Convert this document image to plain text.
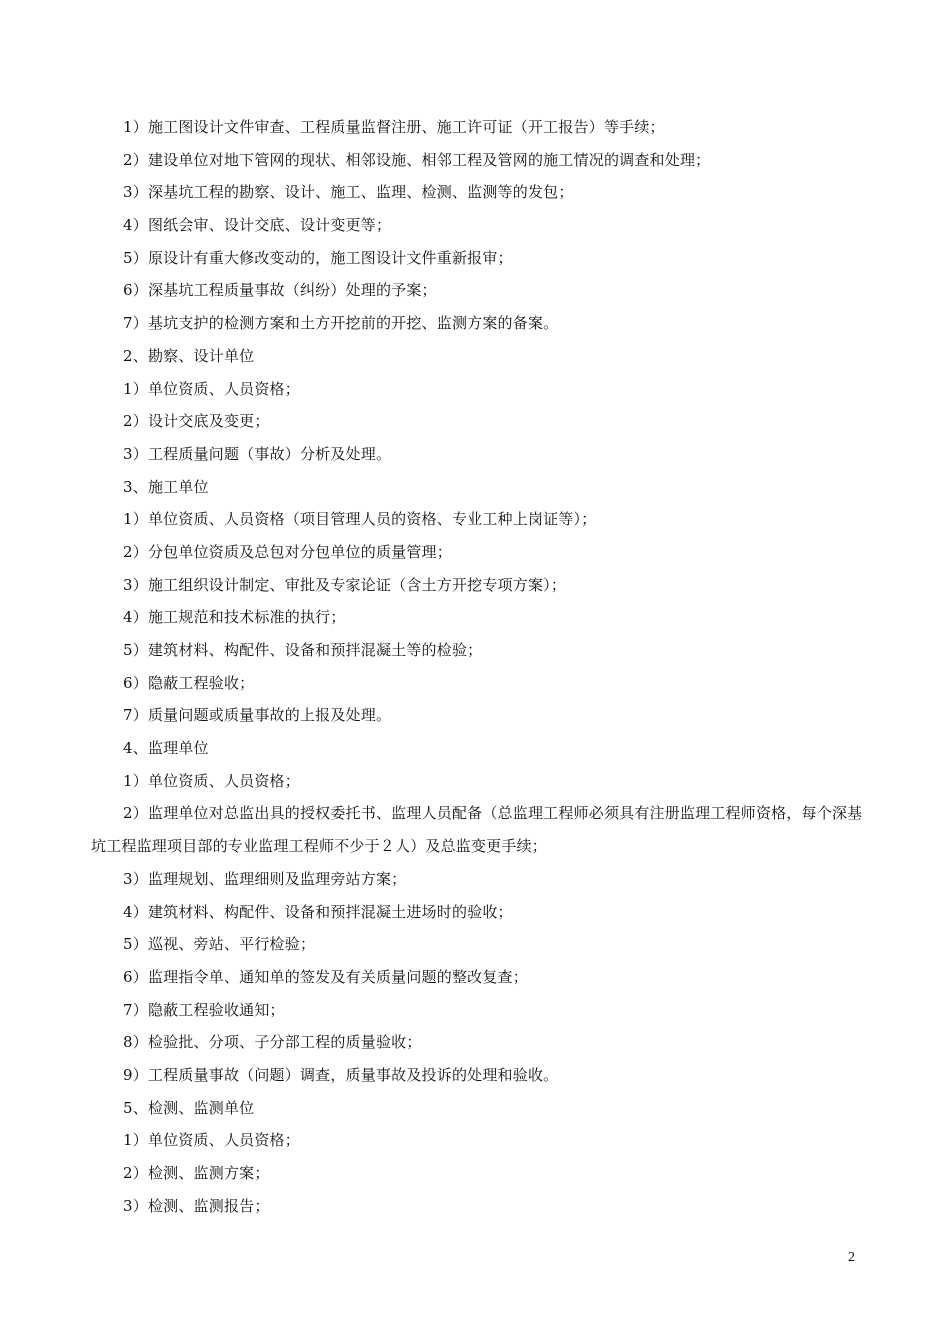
1）施工图设计文件审查、工程质量监督注册、施工许可证（开工报告）等手续；
2）建设单位对地下管网的现状、相邻设施、相邻工程及管网的施工情况的调查和处理；
3）深基坑工程的勘察、设计、施工、监理、检测、监测等的发包；
4）图纸会审、设计交底、设计变更等；
5）原设计有重大修改变动的，施工图设计文件重新报审；
6）深基坑工程质量事故（纠纷）处理的予案；
7）基坑支护的检测方案和土方开挖前的开挖、监测方案的备案。
2、勘察、设计单位
1）单位资质、人员资格；
2）设计交底及变更；
3）工程质量问题（事故）分析及处理。
3、施工单位
1）单位资质、人员资格（项目管理人员的资格、专业工种上岗证等）；
2）分包单位资质及总包对分包单位的质量管理；
3）施工组织设计制定、审批及专家论证（含土方开挖专项方案）；
4）施工规范和技术标准的执行；
5）建筑材料、构配件、设备和预拌混凝土等的检验；
6）隐蔽工程验收；
7）质量问题或质量事故的上报及处理。
4、监理单位
1）单位资质、人员资格；
2）监理单位对总监出具的授权委托书、监理人员配备（总监理工程师必须具有注册监理工程师资格，每个深基坑工程监理项目部的专业监理工程师不少于２人）及总监变更手续；
3）监理规划、监理细则及监理旁站方案；
4）建筑材料、构配件、设备和预拌混凝土进场时的验收；
5）巡视、旁站、平行检验；
6）监理指令单、通知单的签发及有关质量问题的整改复查；
7）隐蔽工程验收通知；
8）检验批、分项、子分部工程的质量验收；
9）工程质量事故（问题）调查，质量事故及投诉的处理和验收。
5、检测、监测单位
1）单位资质、人员资格；
2）检测、监测方案；
3）检测、监测报告；
2
